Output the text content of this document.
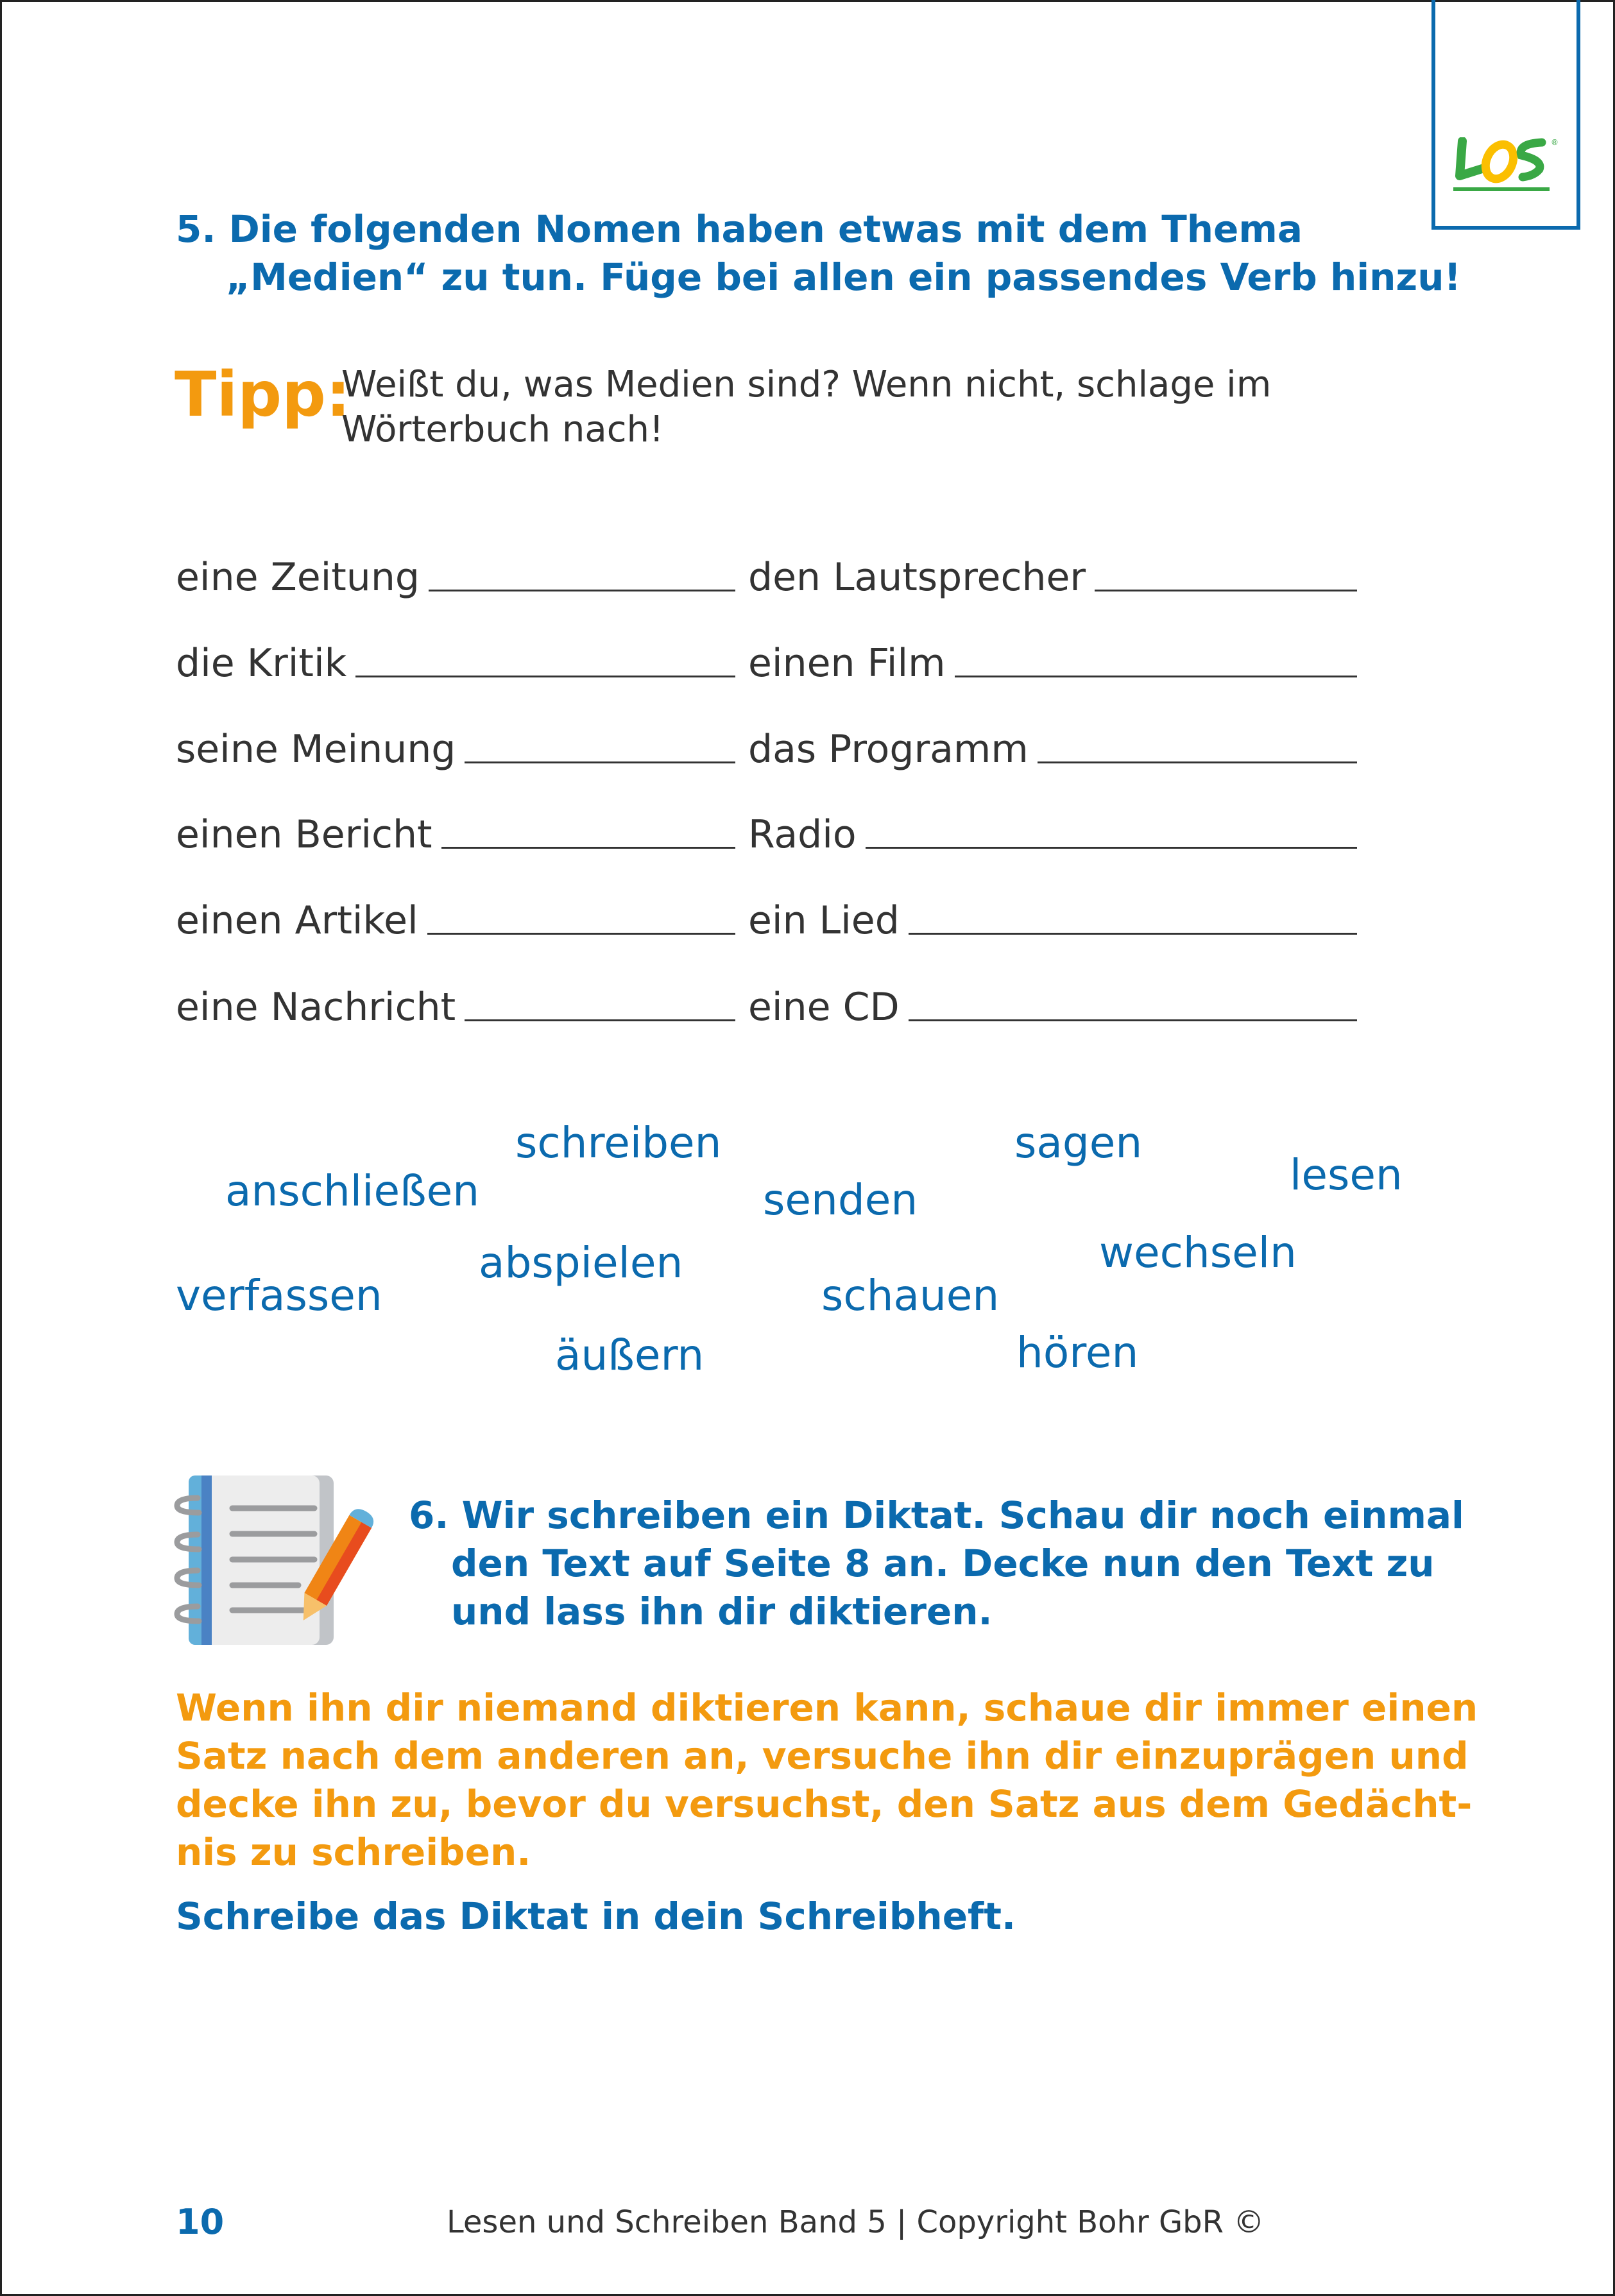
®
5. Die folgenden Nomen haben etwas mit dem Thema
„Medien“ zu tun. Füge bei allen ein passendes Verb hinzu!
Tipp:
Weißt du, was Medien sind? Wenn nicht, schlage im
Wörterbuch nach!
eine Zeitung	den Lautsprecher
die Kritik	einen Film
seine Meinung	das Programm
einen Bericht	Radio
einen Artikel	ein Lied
eine Nachricht	eine CD
schreiben
anschließen	senden
sagen
lesen
abspielen	wechseln
verfassen	schauen
äußern	hören
6. Wir schreiben ein Diktat. Schau dir noch einmal
den Text auf Seite 8 an. Decke nun den Text zu
und lass ihn dir diktieren.
Wenn ihn dir niemand diktieren kann, schaue dir immer einen
Satz nach dem anderen an, versuche ihn dir einzuprägen und
decke ihn zu, bevor du versuchst, den Satz aus dem Gedächt-
nis zu schreiben.
Schreibe das Diktat in dein Schreibheft.
10	Lesen und Schreiben Band 5 | Copyright Bohr GbR ©
